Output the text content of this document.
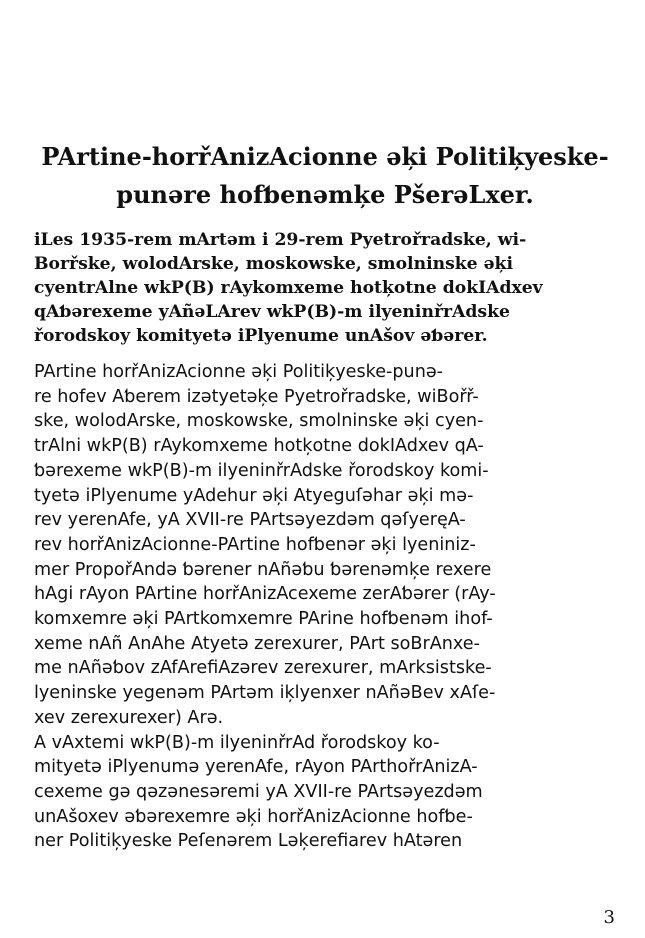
PArtine-horřAnizAcionne əķi Politiķyeske-
punəre hofƅenəmķe PšerəLxer.
iLes 1935-rem mArtəm i 29-rem Pyetrořradske, wi-
Borřske, wolodArske, moskowske, smolninske əķi
cyentrAlne wkP(B) rAykomxeme hotķotne dokIAdxev
qAƅərexeme yAñəLArev wkP(B)-m ilyeninřrAdske
řorodskoy komityetə iPlyenume unAšov əƅərer.
PArtine horřAnizAcionne əķi Politiķyeske-punə-
re hofev Aƅerem izətyetəķe Pyetrořradske, wiBořř-
ske, wolodArske, moskowske, smolninske əķi cyen-
trAlni wkP(B) rAykomxeme hotķotne dokIAdxev qA-
ƅərexeme wkP(B)-m ilyeninřrAdske řorodskoy komi-
tyetə iPlyenume yAdehur əķi Atyeguſəhar əķi mə-
rev yerenAfe, yA XVII-re PArtsəyezdəm qəſyeręA-
rev horřAnizAcionne-PArtine hofƅenər əķi lyeniniz-
mer PropořAndə ƅərener nAñəƅu ƅərenəmķe rexere
hAgi rAyon PArtine horřAnizAcexeme zerAƅərer (rAy-
komxemre əķi PArtkomxemre PArine hofƅenəm ihof-
xeme nAñ AnAhe Atyetə zerexurer, PArt soBrAnxe-
me nAñəƅov zAfArefiAzərev zerexurer, mArksistske-
lyeninske yegenəm PArtəm iķlyenxer nAñəBev xAſe-
xev zerexurexer) Arə.
A vAxtemi wkP(B)-m ilyeninřrAd řorodskoy ko-
mityetə iPlyenumə yerenAfe, rAyon PArthořrAnizA-
cexeme gə qəzənesəremi yA XVII-re PArtsəyezdəm
unAšoxev əƅərexemre əķi horřAnizAcionne hofƅe-
ner Politiķyeske Peſenərem Ləķerefiarev hAtəren
3
